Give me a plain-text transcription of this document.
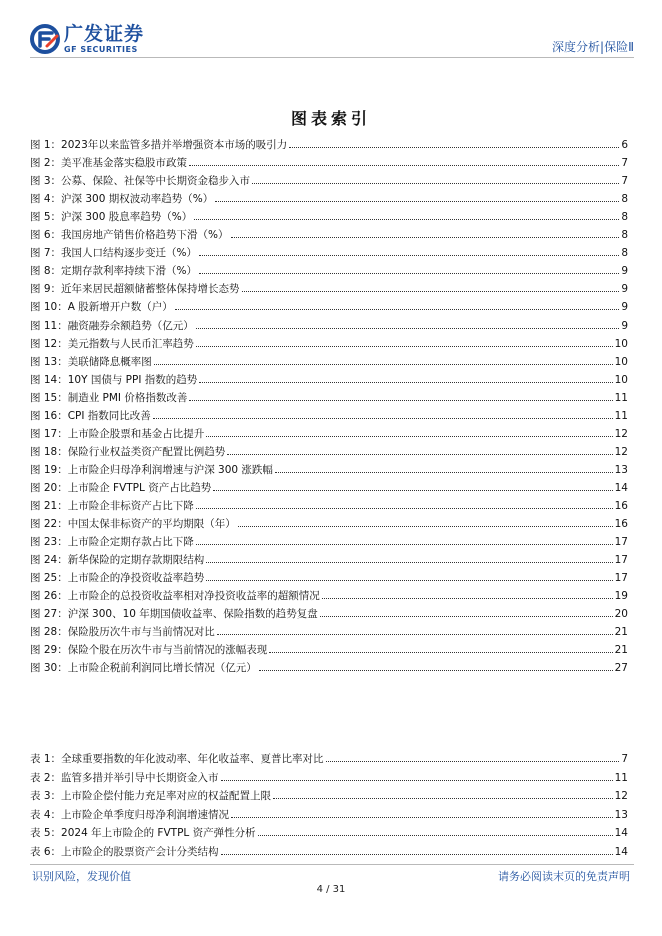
广发证券
GF SECURITIES	深度分析|保险Ⅱ
图表索引
图 1： 2023年以来监管多措并举增强资本市场的吸引力	6
图 2： 美平准基金落实稳股市政策	7
图 3： 公募、保险、社保等中长期资金稳步入市	7
图 4： 沪深 300 期权波动率趋势（%）	8
图 5： 沪深 300 股息率趋势（%）	8
图 6： 我国房地产销售价格趋势下滑（%）	8
图 7： 我国人口结构逐步变迁（%）	8
图 8： 定期存款利率持续下滑（%）	9
图 9： 近年来居民超额储蓄整体保持增长态势	9
图 10： A 股新增开户数（户）	9
图 11： 融资融券余额趋势（亿元）	9
图 12： 美元指数与人民币汇率趋势	10
图 13： 美联储降息概率图	10
图 14： 10Y 国债与 PPI 指数的趋势	10
图 15： 制造业 PMI 价格指数改善	11
图 16： CPI 指数同比改善	11
图 17： 上市险企股票和基金占比提升	12
图 18： 保险行业权益类资产配置比例趋势	12
图 19： 上市险企归母净利润增速与沪深 300 涨跌幅	13
图 20： 上市险企 FVTPL 资产占比趋势	14
图 21： 上市险企非标资产占比下降	16
图 22： 中国太保非标资产的平均期限（年）	16
图 23： 上市险企定期存款占比下降	17
图 24： 新华保险的定期存款期限结构	17
图 25： 上市险企的净投资收益率趋势	17
图 26： 上市险企的总投资收益率相对净投资收益率的超额情况	19
图 27： 沪深 300、10 年期国债收益率、保险指数的趋势复盘	20
图 28： 保险股历次牛市与当前情况对比	21
图 29： 保险个股在历次牛市与当前情况的涨幅表现	21
图 30： 上市险企税前利润同比增长情况（亿元）	27
表 1： 全球重要指数的年化波动率、年化收益率、夏普比率对比	7
表 2： 监管多措并举引导中长期资金入市	11
表 3： 上市险企偿付能力充足率对应的权益配置上限	12
表 4： 上市险企单季度归母净利润增速情况	13
表 5： 2024 年上市险企的 FVTPL 资产弹性分析	14
表 6： 上市险企的股票资产会计分类结构	14
识别风险，发现价值	请务必阅读末页的免责声明
4 / 31
